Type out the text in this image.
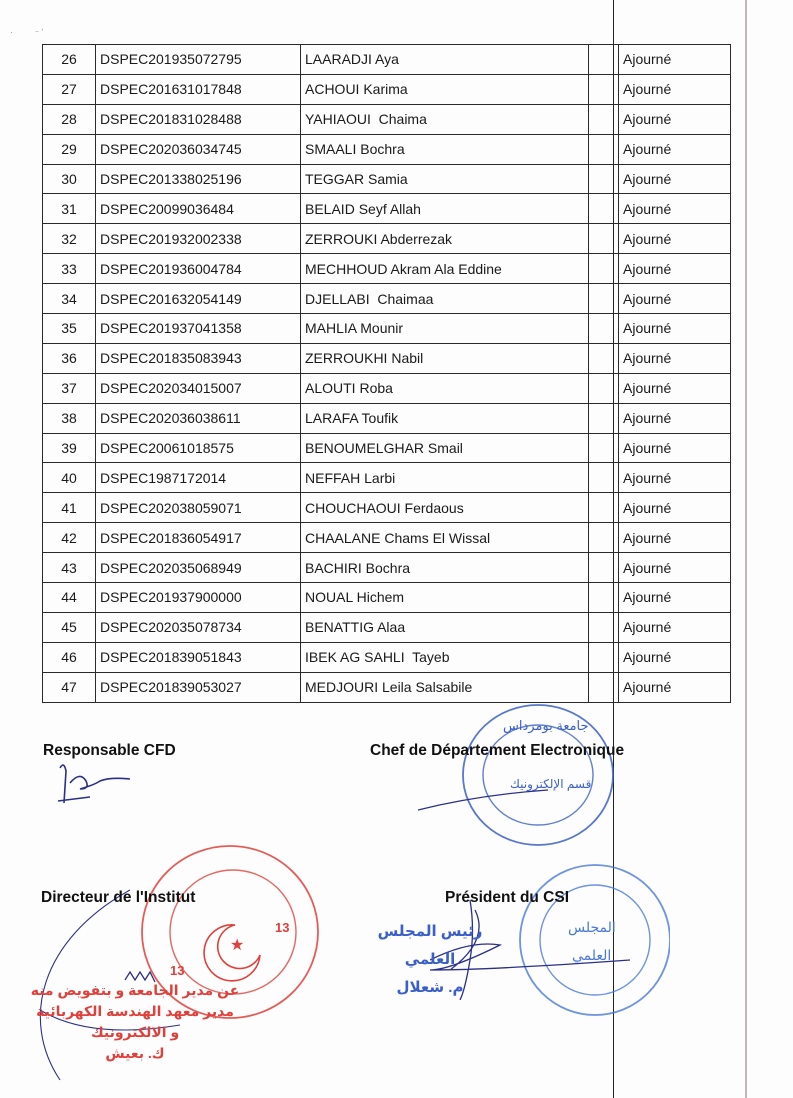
·          ⁻ ʼ
26	DSPEC201935072795	LAARADJI Aya		Ajourné
27	DSPEC201631017848	ACHOUI Karima		Ajourné
28	DSPEC201831028488	YAHIAOUI  Chaima		Ajourné
29	DSPEC202036034745	SMAALI Bochra		Ajourné
30	DSPEC201338025196	TEGGAR Samia		Ajourné
31	DSPEC20099036484	BELAID Seyf Allah		Ajourné
32	DSPEC201932002338	ZERROUKI Abderrezak		Ajourné
33	DSPEC201936004784	MECHHOUD Akram Ala Eddine		Ajourné
34	DSPEC201632054149	DJELLABI  Chaimaa		Ajourné
35	DSPEC201937041358	MAHLIA Mounir		Ajourné
36	DSPEC201835083943	ZERROUKHI Nabil		Ajourné
37	DSPEC202034015007	ALOUTI Roba		Ajourné
38	DSPEC202036038611	LARAFA Toufik		Ajourné
39	DSPEC20061018575	BENOUMELGHAR Smail		Ajourné
40	DSPEC1987172014	NEFFAH Larbi		Ajourné
41	DSPEC202038059071	CHOUCHAOUI Ferdaous		Ajourné
42	DSPEC201836054917	CHAALANE Chams El Wissal		Ajourné
43	DSPEC202035068949	BACHIRI Bochra		Ajourné
44	DSPEC201937900000	NOUAL Hichem		Ajourné
45	DSPEC202035078734	BENATTIG Alaa		Ajourné
46	DSPEC201839051843	IBEK AG SAHLI  Tayeb		Ajourné
47	DSPEC201839053027	MEDJOURI Leila Salsabile		Ajourné
Responsable CFD
جامعة بومرداس
قسم الإلكترونيك
Chef de Département Electronique
★
13
13
Directeur de l'Institut
عن مدير الجامعة و بتفويض منه
مدير معهد الهندسة الكهربائية
و الالكترونيك
ك. بعيش
المجلس
العلمي
Président du CSI
رئيس المجلس العلمي
م. شعلال
